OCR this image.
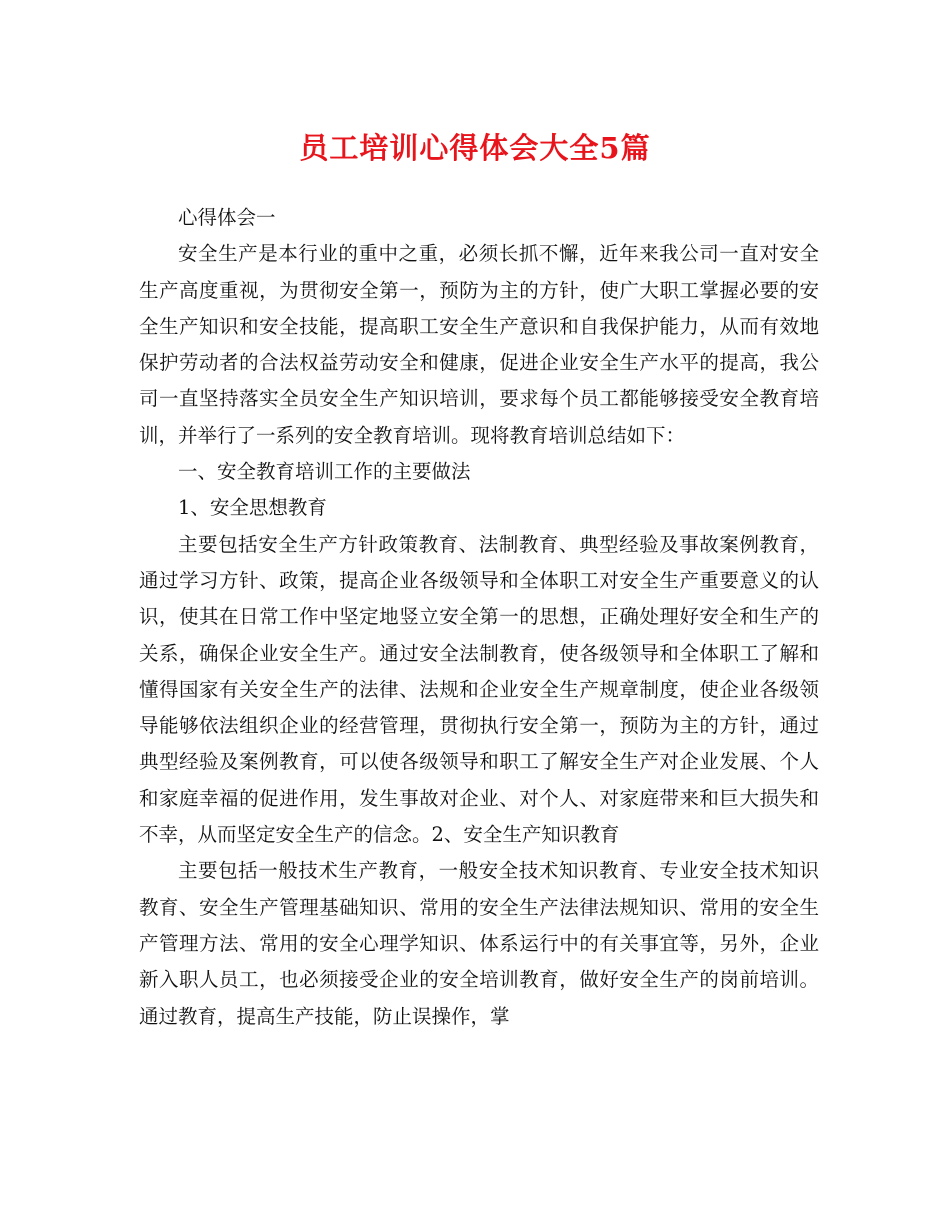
员工培训心得体会大全5篇

心得体会一

安全生产是本行业的重中之重，必须长抓不懈，近年来我公司一直对安全生产高度重视，为贯彻安全第一，预防为主的方针，使广大职工掌握必要的安全生产知识和安全技能，提高职工安全生产意识和自我保护能力，从而有效地保护劳动者的合法权益劳动安全和健康，促进企业安全生产水平的提高，我公司一直坚持落实全员安全生产知识培训，要求每个员工都能够接受安全教育培训，并举行了一系列的安全教育培训。现将教育培训总结如下：

一、安全教育培训工作的主要做法

1、安全思想教育

主要包括安全生产方针政策教育、法制教育、典型经验及事故案例教育，通过学习方针、政策，提高企业各级领导和全体职工对安全生产重要意义的认识，使其在日常工作中坚定地竖立安全第一的思想，正确处理好安全和生产的关系，确保企业安全生产。通过安全法制教育，使各级领导和全体职工了解和懂得国家有关安全生产的法律、法规和企业安全生产规章制度，使企业各级领导能够依法组织企业的经营管理，贯彻执行安全第一，预防为主的方针，通过典型经验及案例教育，可以使各级领导和职工了解安全生产对企业发展、个人和家庭幸福的促进作用，发生事故对企业、对个人、对家庭带来和巨大损失和不幸，从而坚定安全生产的信念。2、安全生产知识教育

主要包括一般技术生产教育，一般安全技术知识教育、专业安全技术知识教育、安全生产管理基础知识、常用的安全生产法律法规知识、常用的安全生产管理方法、常用的安全心理学知识、体系运行中的有关事宜等，另外，企业新入职人员工，也必须接受企业的安全培训教育，做好安全生产的岗前培训。通过教育，提高生产技能，防止误操作，掌
